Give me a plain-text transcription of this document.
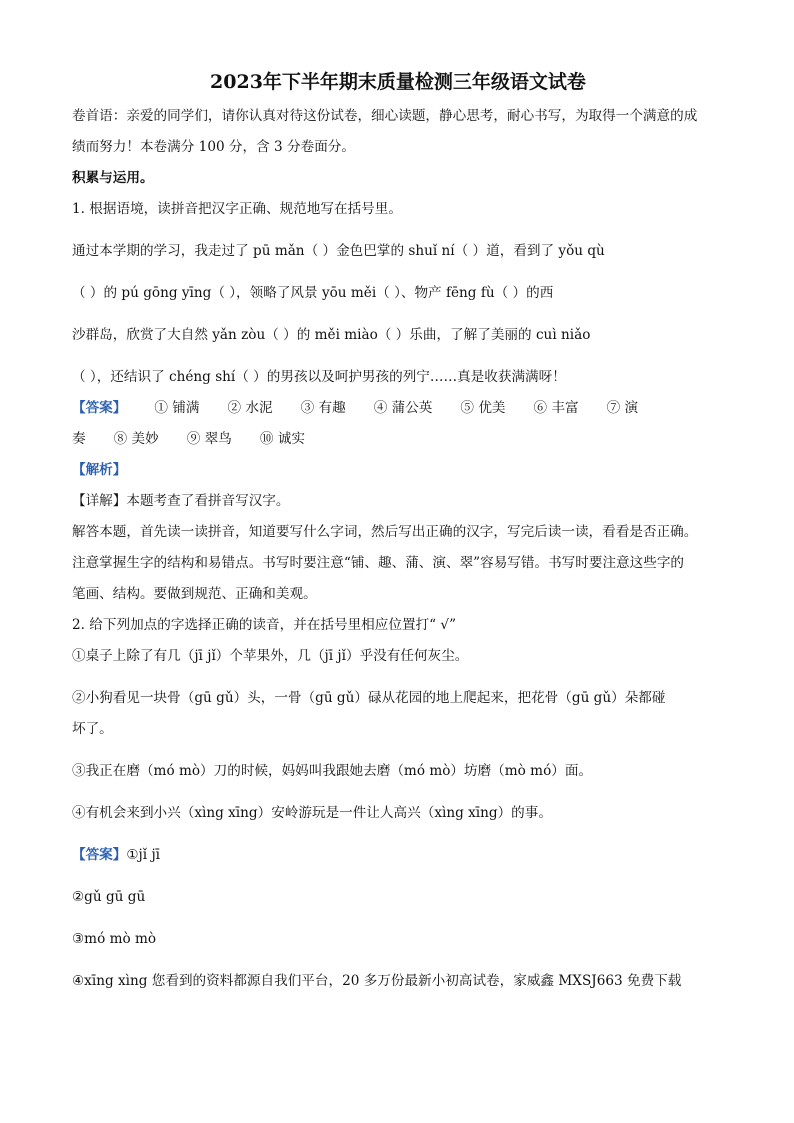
2023年下半年期末质量检测三年级语文试卷
卷首语：亲爱的同学们，请你认真对待这份试卷，细心读题，静心思考，耐心书写，为取得一个满意的成
绩而努力！本卷满分 100 分，含 3 分卷面分。
积累与运用。
1. 根据语境，读拼音把汉字正确、规范地写在括号里。
通过本学期的学习，我走过了 pū mǎn（ ）金色巴掌的 shuǐ ní（ ）道，看到了 yǒu qù
（ ）的 pú gōng yīng（ ），领略了风景 yōu měi（ ）、物产 fēng fù（ ）的西
沙群岛，欣赏了大自然 yǎn zòu（ ）的 měi miào（ ）乐曲，了解了美丽的 cuì niǎo
（ ），还结识了 chéng shí（ ）的男孩以及呵护男孩的列宁……真是收获满满呀！
【答案】 ① 铺满 ② 水泥 ③ 有趣 ④ 蒲公英 ⑤ 优美 ⑥ 丰富 ⑦ 演
奏 ⑧ 美妙 ⑨ 翠鸟 ⑩ 诚实
【解析】
【详解】本题考查了看拼音写汉字。
解答本题，首先读一读拼音，知道要写什么字词，然后写出正确的汉字，写完后读一读，看看是否正确。
注意掌握生字的结构和易错点。书写时要注意“铺、趣、蒲、演、翠”容易写错。书写时要注意这些字的
笔画、结构。要做到规范、正确和美观。
2. 给下列加点的字选择正确的读音，并在括号里相应位置打“ √”
①桌子上除了有几（jī jǐ）个苹果外，几（jī jǐ）乎没有任何灰尘。
②小狗看见一块骨（gū gǔ）头，一骨（gū gǔ）碌从花园的地上爬起来，把花骨（gū gǔ）朵都碰
坏了。
③我正在磨（mó mò）刀的时候，妈妈叫我跟她去磨（mó mò）坊磨（mò mó）面。
④有机会来到小兴（xìng xīng）安岭游玩是一件让人高兴（xìng xīng）的事。
【答案】①jǐ jī
②gǔ gū gū
③mó mò mò
④xīng xìng 您看到的资料都源自我们平台，20 多万份最新小初高试卷，家威鑫 MXSJ663 免费下载
